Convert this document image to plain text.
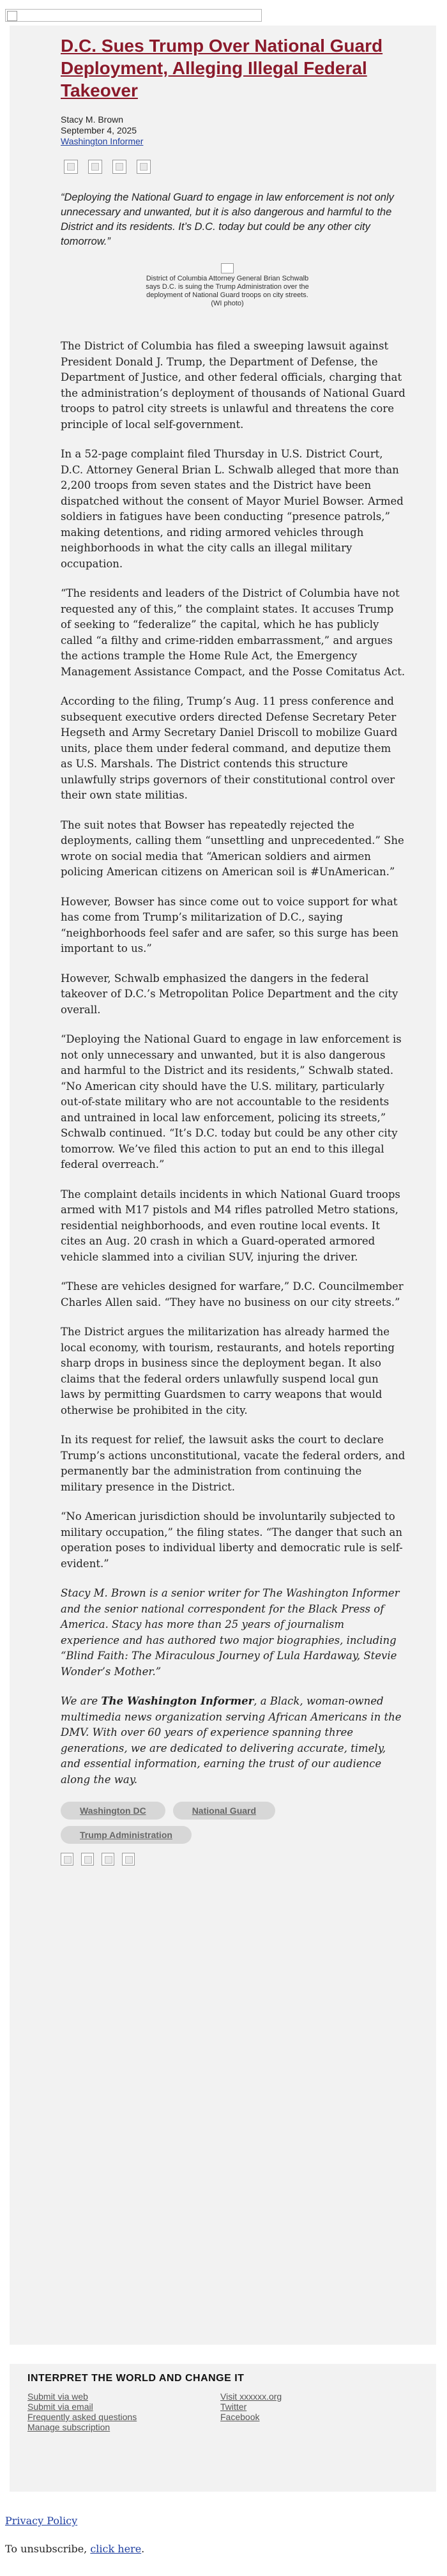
D.C. Sues Trump Over National Guard Deployment, Alleging Illegal Federal Takeover
Stacy M. Brown
September 4, 2025
Washington Informer

“Deploying the National Guard to engage in law enforcement is not only unnecessary and unwanted, but it is also dangerous and harmful to the District and its residents. It’s D.C. today but could be any other city tomorrow.”

District of Columbia Attorney General Brian Schwalb says D.C. is suing the Trump Administration over the deployment of National Guard troops on city streets. (WI photo)

The District of Columbia has filed a sweeping lawsuit against President Donald J. Trump, the Department of Defense, the Department of Justice, and other federal officials, charging that the administration’s deployment of thousands of National Guard troops to patrol city streets is unlawful and threatens the core principle of local self-government.

In a 52-page complaint filed Thursday in U.S. District Court, D.C. Attorney General Brian L. Schwalb alleged that more than 2,200 troops from seven states and the District have been dispatched without the consent of Mayor Muriel Bowser. Armed soldiers in fatigues have been conducting “presence patrols,” making detentions, and riding armored vehicles through neighborhoods in what the city calls an illegal military occupation.

“The residents and leaders of the District of Columbia have not requested any of this,” the complaint states. It accuses Trump of seeking to “federalize” the capital, which he has publicly called “a filthy and crime-ridden embarrassment,” and argues the actions trample the Home Rule Act, the Emergency Management Assistance Compact, and the Posse Comitatus Act.

According to the filing, Trump’s Aug. 11 press conference and subsequent executive orders directed Defense Secretary Peter Hegseth and Army Secretary Daniel Driscoll to mobilize Guard units, place them under federal command, and deputize them as U.S. Marshals. The District contends this structure unlawfully strips governors of their constitutional control over their own state militias.

The suit notes that Bowser has repeatedly rejected the deployments, calling them “unsettling and unprecedented.” She wrote on social media that “American soldiers and airmen policing American citizens on American soil is #UnAmerican.”

However, Bowser has since come out to voice support for what has come from Trump’s militarization of D.C., saying “neighborhoods feel safer and are safer, so this surge has been important to us.”

However, Schwalb emphasized the dangers in the federal takeover of D.C.’s Metropolitan Police Department and the city overall.

“Deploying the National Guard to engage in law enforcement is not only unnecessary and unwanted, but it is also dangerous and harmful to the District and its residents,” Schwalb stated. “No American city should have the U.S. military, particularly out-of-state military who are not accountable to the residents and untrained in local law enforcement, policing its streets,” Schwalb continued. “It’s D.C. today but could be any other city tomorrow. We’ve filed this action to put an end to this illegal federal overreach.”

The complaint details incidents in which National Guard troops armed with M17 pistols and M4 rifles patrolled Metro stations, residential neighborhoods, and even routine local events. It cites an Aug. 20 crash in which a Guard-operated armored vehicle slammed into a civilian SUV, injuring the driver.

“These are vehicles designed for warfare,” D.C. Councilmember Charles Allen said. “They have no business on our city streets.”

The District argues the militarization has already harmed the local economy, with tourism, restaurants, and hotels reporting sharp drops in business since the deployment began. It also claims that the federal orders unlawfully suspend local gun laws by permitting Guardsmen to carry weapons that would otherwise be prohibited in the city.

In its request for relief, the lawsuit asks the court to declare Trump’s actions unconstitutional, vacate the federal orders, and permanently bar the administration from continuing the military presence in the District.

“No American jurisdiction should be involuntarily subjected to military occupation,” the filing states. “The danger that such an operation poses to individual liberty and democratic rule is self-evident.”

Stacy M. Brown is a senior writer for The Washington Informer and the senior national correspondent for the Black Press of America. Stacy has more than 25 years of journalism experience and has authored two major biographies, including “Blind Faith: The Miraculous Journey of Lula Hardaway, Stevie Wonder’s Mother.”

We are The Washington Informer, a Black, woman-owned multimedia news organization serving African Americans in the DMV. With over 60 years of experience spanning three generations, we are dedicated to delivering accurate, timely, and essential information, earning the trust of our audience along the way.

Washington DC	National Guard
Trump Administration
INTERPRET THE WORLD AND CHANGE IT
Submit via web
Submit via email
Frequently asked questions
Manage subscription
Visit xxxxxx.org
Twitter
Facebook
Privacy Policy
To unsubscribe, click here.
